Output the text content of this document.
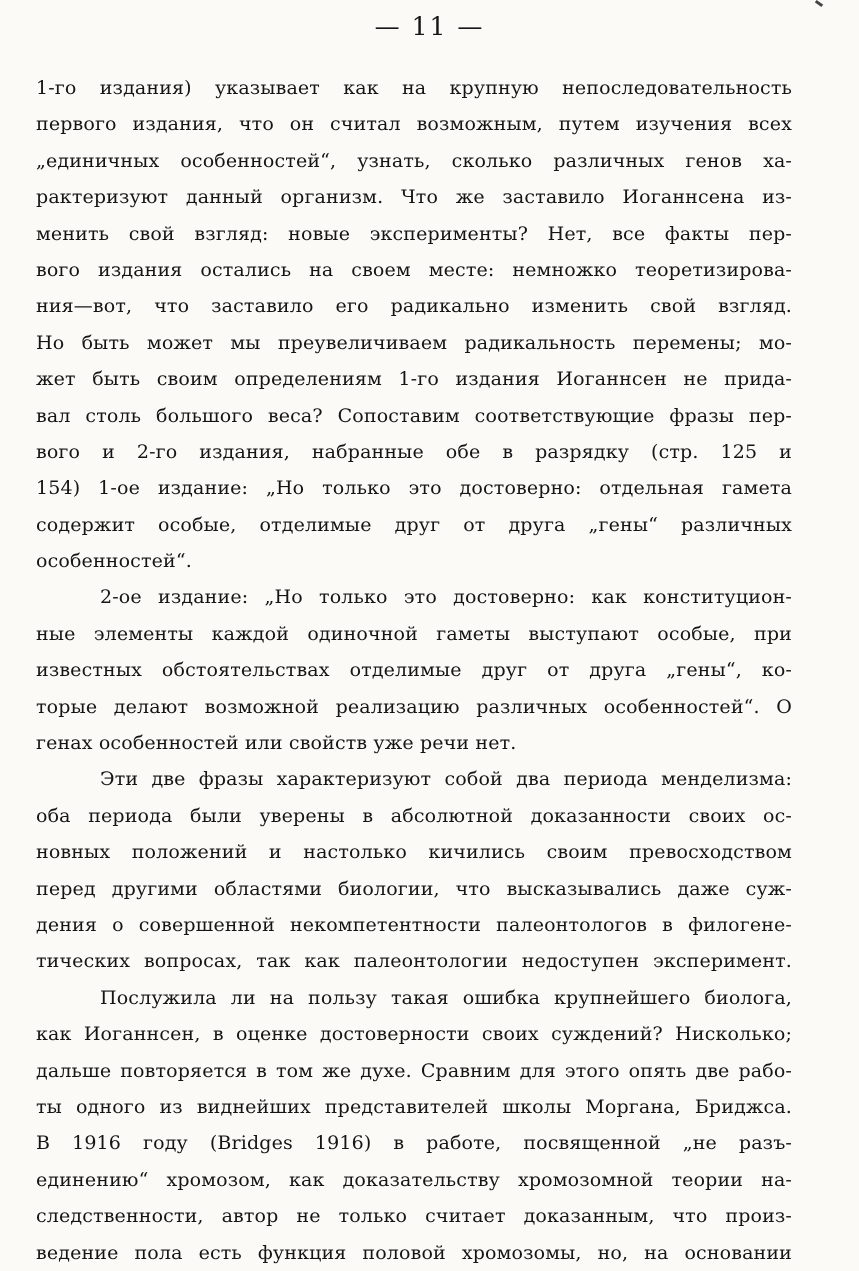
— 11 —
1-го издания) указывает как на крупную непоследовательность
первого издания, что он считал возможным, путем изучения всех
„единичных особенностей“, узнать, сколько различных генов ха-
рактеризуют данный организм. Что же заставило Иоганнсена из-
менить свой взгляд: новые эксперименты? Нет, все факты пер-
вого издания остались на своем месте: немножко теоретизирова-
ния—вот, что заставило его радикально изменить свой взгляд.
Но быть может мы преувеличиваем радикальность перемены; мо-
жет быть своим определениям 1-го издания Иоганнсен не прида-
вал столь большого веса? Сопоставим соответствующие фразы пер-
вого и 2-го издания, набранные обе в разрядку (стр. 125 и
154) 1-ое издание: „Но только это достоверно: отдельная гамета
содержит особые, отделимые друг от друга „гены“ различных
особенностей“.
2-ое издание: „Но только это достоверно: как конституцион-
ные элементы каждой одиночной гаметы выступают особые, при
известных обстоятельствах отделимые друг от друга „гены“, ко-
торые делают возможной реализацию различных особенностей“. О
генах особенностей или свойств уже речи нет.
Эти две фразы характеризуют собой два периода менделизма:
оба периода были уверены в абсолютной доказанности своих ос-
новных положений и настолько кичились своим превосходством
перед другими областями биологии, что высказывались даже суж-
дения о совершенной некомпетентности палеонтологов в филогене-
тических вопросах, так как палеонтологии недоступен эксперимент.
Послужила ли на пользу такая ошибка крупнейшего биолога,
как Иоганнсен, в оценке достоверности своих суждений? Нисколько;
дальше повторяется в том же духе. Сравним для этого опять две рабо-
ты одного из виднейших представителей школы Моргана, Бриджса.
В 1916 году (Bridges 1916) в работе, посвященной „не разъ-
единению“ хромозом, как доказательству хромозомной теории на-
следственности, автор не только считает доказанным, что произ-
ведение пола есть функция половой хромозомы, но, на основании
